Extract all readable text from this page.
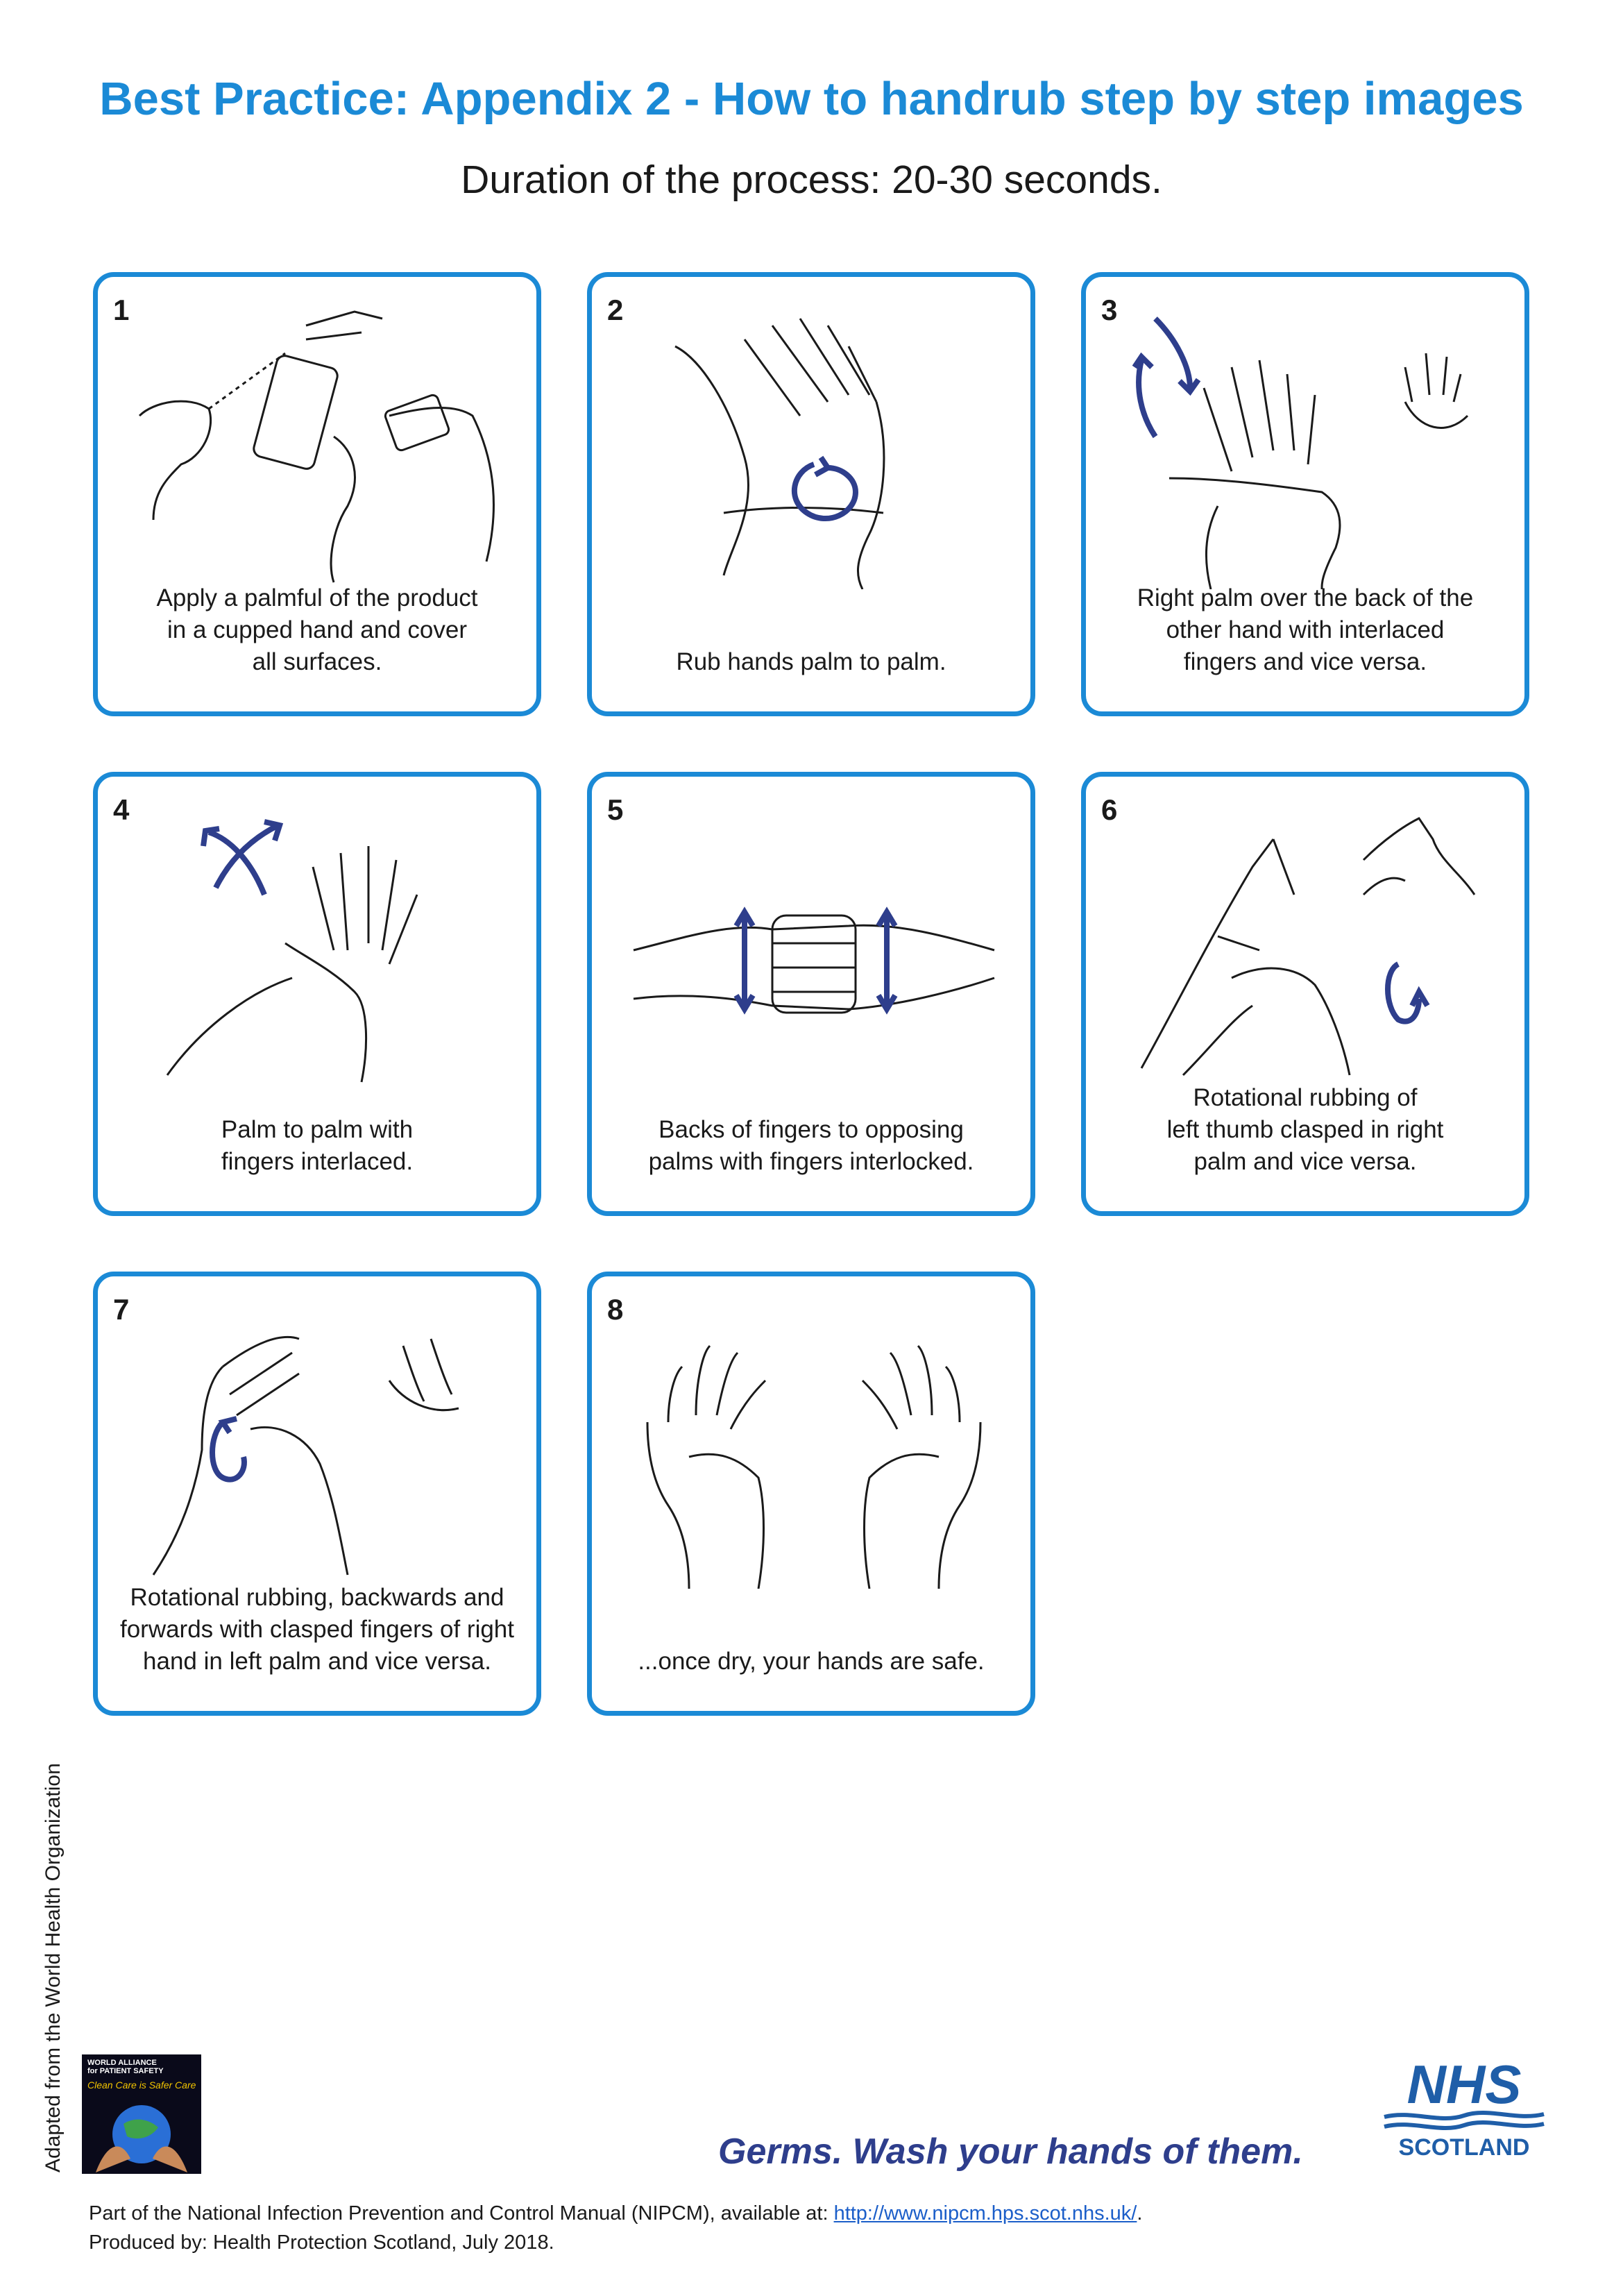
Best Practice: Appendix 2 - How to handrub step by step images
Duration of the process: 20-30 seconds.
1
Apply a palmful of the product
in a cupped hand and cover
all surfaces.
2
Rub hands palm to palm.
3
Right palm over the back of the
other hand with interlaced
fingers and vice versa.
4
Palm to palm with
fingers interlaced.
5
Backs of fingers to opposing
palms with fingers interlocked.
6
Rotational rubbing of
left thumb clasped in right
palm and vice versa.
7
Rotational rubbing, backwards and
forwards with clasped fingers of right
hand in left palm and vice versa.
8
...once dry, your hands are safe.
Adapted from the World Health Organization	WORLD ALLIANCE
for PATIENT SAFETY
Clean Care is Safer Care
Germs. Wash your hands of them.
NHS
SCOTLAND
Part of the National Infection Prevention and Control Manual (NIPCM), available at: http://www.nipcm.hps.scot.nhs.uk/.
Produced by: Health Protection Scotland, July 2018.
